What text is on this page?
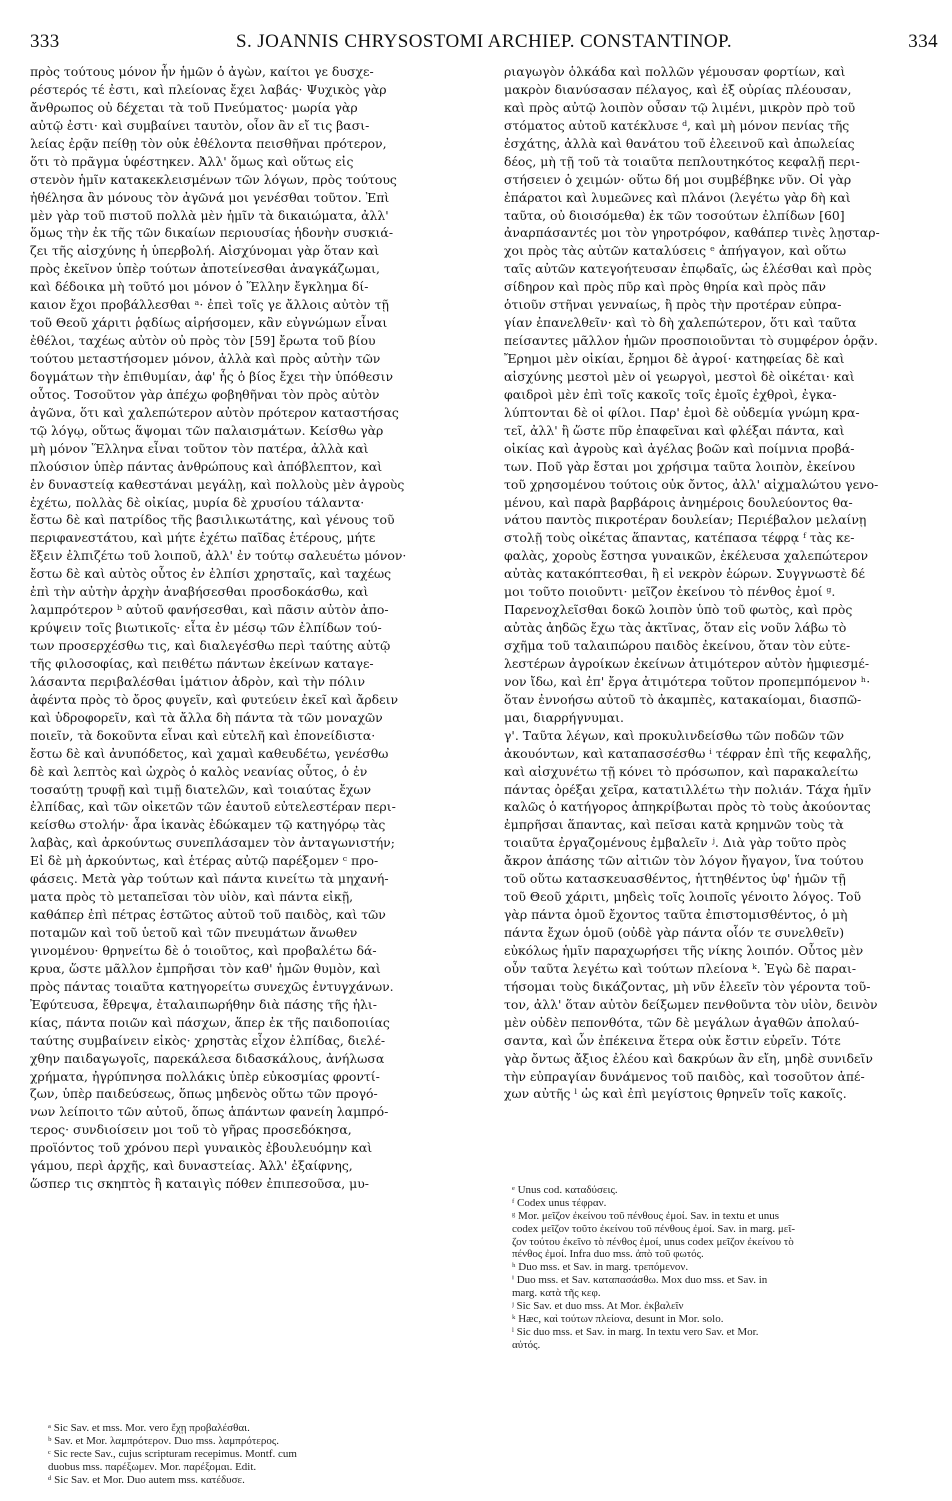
333	S. JOANNIS CHRYSOSTOMI ARCHIEP. CONSTANTINOP.	334
πρὸς τούτους μόνον ἦν ἡμῶν ὁ ἀγὼν, καίτοι γε δυσχε-
ρέστερός τέ ἐστι, καὶ πλείονας ἔχει λαβάς· Ψυχικὸς γὰρ
ἄνθρωπος οὐ δέχεται τὰ τοῦ Πνεύματος· μωρία γὰρ
αὐτῷ ἐστι· καὶ συμβαίνει ταυτὸν, οἷον ἂν εἴ τις βασι-
λείας ἐρᾷν πείθῃ τὸν οὐκ ἐθέλοντα πεισθῆναι πρότερον,
ὅτι τὸ πρᾶγμα ὑφέστηκεν. Ἀλλ' ὅμως καὶ οὕτως εἰς
στενὸν ἡμῖν κατακεκλεισμένων τῶν λόγων, πρὸς τούτους
ἠθέλησα ἂν μόνους τὸν ἀγῶνά μοι γενέσθαι τοῦτον. Ἐπὶ
μὲν γὰρ τοῦ πιστοῦ πολλὰ μὲν ἡμῖν τὰ δικαιώματα, ἀλλ'
ὅμως τὴν ἐκ τῆς τῶν δικαίων περιουσίας ἡδονὴν συσκιά-
ζει τῆς αἰσχύνης ἡ ὑπερβολή. Αἰσχύνομαι γὰρ ὅταν καὶ
πρὸς ἐκεῖνον ὑπὲρ τούτων ἀποτείνεσθαι ἀναγκάζωμαι,
καὶ δέδοικα μὴ τοῦτό μοι μόνον ὁ Ἕλλην ἔγκλημα δί-
καιον ἔχοι προβάλλεσθαι ᵃ· ἐπεὶ τοῖς γε ἄλλοις αὐτὸν τῇ
τοῦ Θεοῦ χάριτι ῥᾳδίως αἱρήσομεν, κἂν εὐγνώμων εἶναι
ἐθέλοι, ταχέως αὐτὸν οὐ πρὸς τὸν [59] ἔρωτα τοῦ βίου
τούτου μεταστήσομεν μόνον, ἀλλὰ καὶ πρὸς αὐτὴν τῶν
δογμάτων τὴν ἐπιθυμίαν, ἀφ' ἧς ὁ βίος ἔχει τὴν ὑπόθεσιν
οὗτος. Τοσοῦτον γὰρ ἀπέχω φοβηθῆναι τὸν πρὸς αὐτὸν
ἀγῶνα, ὅτι καὶ χαλεπώτερον αὐτὸν πρότερον καταστήσας
τῷ λόγῳ, οὕτως ἅψομαι τῶν παλαισμάτων. Κείσθω γὰρ
μὴ μόνον Ἕλληνα εἶναι τοῦτον τὸν πατέρα, ἀλλὰ καὶ
πλούσιον ὑπὲρ πάντας ἀνθρώπους καὶ ἀπόβλεπτον, καὶ
ἐν δυναστείᾳ καθεστάναι μεγάλῃ, καὶ πολλοὺς μὲν ἀγροὺς
ἐχέτω, πολλὰς δὲ οἰκίας, μυρία δὲ χρυσίου τάλαντα·
ἔστω δὲ καὶ πατρίδος τῆς βασιλικωτάτης, καὶ γένους τοῦ
περιφανεστάτου, καὶ μήτε ἐχέτω παῖδας ἑτέρους, μήτε
ἔξειν ἐλπιζέτω τοῦ λοιποῦ, ἀλλ' ἐν τούτῳ σαλευέτω μόνον·
ἔστω δὲ καὶ αὐτὸς οὗτος ἐν ἐλπίσι χρησταῖς, καὶ ταχέως
ἐπὶ τὴν αὐτὴν ἀρχὴν ἀναβήσεσθαι προσδοκάσθω, καὶ
λαμπρότερον ᵇ αὐτοῦ φανήσεσθαι, καὶ πᾶσιν αὐτὸν ἀπο-
κρύψειν τοῖς βιωτικοῖς· εἶτα ἐν μέσῳ τῶν ἐλπίδων τού-
των προσερχέσθω τις, καὶ διαλεγέσθω περὶ ταύτης αὐτῷ
τῆς φιλοσοφίας, καὶ πειθέτω πάντων ἐκείνων καταγε-
λάσαντα περιβαλέσθαι ἱμάτιον ἀδρὸν, καὶ τὴν πόλιν
ἀφέντα πρὸς τὸ ὄρος φυγεῖν, καὶ φυτεύειν ἐκεῖ καὶ ἄρδειν
καὶ ὑδροφορεῖν, καὶ τὰ ἄλλα δὴ πάντα τὰ τῶν μοναχῶν
ποιεῖν, τὰ δοκοῦντα εἶναι καὶ εὐτελῆ καὶ ἐπονείδιστα·
ἔστω δὲ καὶ ἀνυπόδετος, καὶ χαμαὶ καθευδέτω, γενέσθω
δὲ καὶ λεπτὸς καὶ ὠχρὸς ὁ καλὸς νεανίας οὗτος, ὁ ἐν
τοσαύτῃ τρυφῇ καὶ τιμῇ διατελῶν, καὶ τοιαύτας ἔχων
ἐλπίδας, καὶ τῶν οἰκετῶν τῶν ἑαυτοῦ εὐτελεστέραν περι-
κείσθω στολήν· ἆρα ἱκανὰς ἐδώκαμεν τῷ κατηγόρῳ τὰς
λαβὰς, καὶ ἀρκούντως συνεπλάσαμεν τὸν ἀνταγωνιστήν;
Εἰ δὲ μὴ ἀρκούντως, καὶ ἑτέρας αὐτῷ παρέξομεν ᶜ προ-
φάσεις. Μετὰ γὰρ τούτων καὶ πάντα κινείτω τὰ μηχανή-
ματα πρὸς τὸ μεταπεῖσαι τὸν υἱὸν, καὶ πάντα εἰκῇ,
καθάπερ ἐπὶ πέτρας ἑστῶτος αὐτοῦ τοῦ παιδὸς, καὶ τῶν
ποταμῶν καὶ τοῦ ὑετοῦ καὶ τῶν πνευμάτων ἄνωθεν
γινομένου· θρηνείτω δὲ ὁ τοιοῦτος, καὶ προβαλέτω δά-
κρυα, ὥστε μᾶλλον ἐμπρῆσαι τὸν καθ' ἡμῶν θυμὸν, καὶ
πρὸς πάντας τοιαῦτα κατηγορείτω συνεχῶς ἐντυγχάνων.
Ἐφύτευσα, ἔθρεψα, ἐταλαιπωρήθην διὰ πάσης τῆς ἡλι-
κίας, πάντα ποιῶν καὶ πάσχων, ἅπερ ἐκ τῆς παιδοποιίας
ταύτης συμβαίνειν εἰκὸς· χρηστὰς εἶχον ἐλπίδας, διελέ-
χθην παιδαγωγοῖς, παρεκάλεσα διδασκάλους, ἀνήλωσα
χρήματα, ἠγρύπνησα πολλάκις ὑπὲρ εὐκοσμίας φροντί-
ζων, ὑπὲρ παιδεύσεως, ὅπως μηδενὸς οὕτω τῶν προγό-
νων λείποιτο τῶν αὐτοῦ, ὅπως ἁπάντων φανείη λαμπρό-
τερος· συνδιοίσειν μοι τοῦ τὸ γῆρας προσεδόκησα,
προϊόντος τοῦ χρόνου περὶ γυναικὸς ἐβουλευόμην καὶ
γάμου, περὶ ἀρχῆς, καὶ δυναστείας. Ἀλλ' ἐξαίφνης,
ὥσπερ τις σκηπτὸς ἢ καταιγὶς πόθεν ἐπιπεσοῦσα, μυ-
ριαγωγὸν ὁλκάδα καὶ πολλῶν γέμουσαν φορτίων, καὶ
μακρὸν διανύσασαν πέλαγος, καὶ ἐξ οὐρίας πλέουσαν,
καὶ πρὸς αὐτῷ λοιπὸν οὖσαν τῷ λιμένι, μικρὸν πρὸ τοῦ
στόματος αὐτοῦ κατέκλυσε ᵈ, καὶ μὴ μόνον πενίας τῆς
ἐσχάτης, ἀλλὰ καὶ θανάτου τοῦ ἐλεεινοῦ καὶ ἀπωλείας
δέος, μὴ τῇ τοῦ τὰ τοιαῦτα πεπλουτηκότος κεφαλῇ περι-
στήσειεν ὁ χειμών· οὕτω δή μοι συμβέβηκε νῦν. Οἱ γὰρ
ἐπάρατοι καὶ λυμεῶνες καὶ πλάνοι (λεγέτω γὰρ δὴ καὶ
ταῦτα, οὐ διοισόμεθα) ἐκ τῶν τοσούτων ἐλπίδων [60]
ἀναρπάσαντές μοι τὸν γηροτρόφον, καθάπερ τινὲς λῃσταρ-
χοι πρὸς τὰς αὐτῶν καταλύσεις ᵉ ἀπήγαγον, καὶ οὕτω
ταῖς αὐτῶν κατεγοήτευσαν ἐπῳδαῖς, ὡς ἑλέσθαι καὶ πρὸς
σίδηρον καὶ πρὸς πῦρ καὶ πρὸς θηρία καὶ πρὸς πᾶν
ὁτιοῦν στῆναι γενναίως, ἢ πρὸς τὴν προτέραν εὐπρα-
γίαν ἐπανελθεῖν· καὶ τὸ δὴ χαλεπώτερον, ὅτι καὶ ταῦτα
πείσαντες μᾶλλον ἡμῶν προσποιοῦνται τὸ συμφέρον ὁρᾷν.
Ἔρημοι μὲν οἰκίαι, ἔρημοι δὲ ἀγροί· κατηφείας δὲ καὶ
αἰσχύνης μεστοὶ μὲν οἱ γεωργοὶ, μεστοὶ δὲ οἰκέται· καὶ
φαιδροὶ μὲν ἐπὶ τοῖς κακοῖς τοῖς ἐμοῖς ἐχθροὶ, ἐγκα-
λύπτονται δὲ οἱ φίλοι. Παρ' ἐμοὶ δὲ οὐδεμία γνώμη κρα-
τεῖ, ἀλλ' ἢ ὥστε πῦρ ἐπαφεῖναι καὶ φλέξαι πάντα, καὶ
οἰκίας καὶ ἀγροὺς καὶ ἀγέλας βοῶν καὶ ποίμνια προβά-
των. Ποῦ γὰρ ἔσται μοι χρήσιμα ταῦτα λοιπὸν, ἐκείνου
τοῦ χρησομένου τούτοις οὐκ ὄντος, ἀλλ' αἰχμαλώτου γενο-
μένου, καὶ παρὰ βαρβάροις ἀνημέροις δουλεύοντος θα-
νάτου παντὸς πικροτέραν δουλείαν; Περιέβαλον μελαίνῃ
στολῇ τοὺς οἰκέτας ἅπαντας, κατέπασα τέφρᾳ ᶠ τὰς κε-
φαλὰς, χοροὺς ἔστησα γυναικῶν, ἐκέλευσα χαλεπώτερον
αὐτὰς κατακόπτεσθαι, ἢ εἰ νεκρὸν ἑώρων. Συγγνωστὲ δέ
μοι τοῦτο ποιοῦντι· μεῖζον ἐκείνου τὸ πένθος ἐμοί ᵍ.
Παρενοχλεῖσθαι δοκῶ λοιπὸν ὑπὸ τοῦ φωτὸς, καὶ πρὸς
αὐτὰς ἀηδῶς ἔχω τὰς ἀκτῖνας, ὅταν εἰς νοῦν λάβω τὸ
σχῆμα τοῦ ταλαιπώρου παιδὸς ἐκείνου, ὅταν τὸν εὐτε-
λεστέρων ἀγροίκων ἐκείνων ἀτιμότερον αὐτὸν ἠμφιεσμέ-
νον ἴδω, καὶ ἐπ' ἔργα ἀτιμότερα τοῦτον προπεμπόμενον ʰ·
ὅταν ἐννοήσω αὐτοῦ τὸ ἀκαμπὲς, κατακαίομαι, διασπῶ-
μαι, διαρρήγνυμαι.
γ'. Ταῦτα λέγων, καὶ προκυλινδείσθω τῶν ποδῶν τῶν
ἀκουόντων, καὶ καταπασσέσθω ⁱ τέφραν ἐπὶ τῆς κεφαλῆς,
καὶ αἰσχυνέτω τῇ κόνει τὸ πρόσωπον, καὶ παρακαλείτω
πάντας ὀρέξαι χεῖρα, κατατιλλέτω τὴν πολιάν. Τάχα ἡμῖν
καλῶς ὁ κατήγορος ἀπηκρίβωται πρὸς τὸ τοὺς ἀκούοντας
ἐμπρῆσαι ἅπαντας, καὶ πεῖσαι κατὰ κρημνῶν τοὺς τὰ
τοιαῦτα ἐργαζομένους ἐμβαλεῖν ʲ. Διὰ γὰρ τοῦτο πρὸς
ἄκρον ἁπάσης τῶν αἰτιῶν τὸν λόγον ἤγαγον, ἵνα τούτου
τοῦ οὕτω κατασκευασθέντος, ἡττηθέντος ὑφ' ἡμῶν τῇ
τοῦ Θεοῦ χάριτι, μηδεὶς τοῖς λοιποῖς γένοιτο λόγος. Τοῦ
γὰρ πάντα ὁμοῦ ἔχοντος ταῦτα ἐπιστομισθέντος, ὁ μὴ
πάντα ἔχων ὁμοῦ (οὐδὲ γὰρ πάντα οἷόν τε συνελθεῖν)
εὐκόλως ἡμῖν παραχωρήσει τῆς νίκης λοιπόν. Οὗτος μὲν
οὖν ταῦτα λεγέτω καὶ τούτων πλείονα ᵏ. Ἐγὼ δὲ παραι-
τήσομαι τοὺς δικάζοντας, μὴ νῦν ἐλεεῖν τὸν γέροντα τοῦ-
τον, ἀλλ' ὅταν αὐτὸν δείξωμεν πενθοῦντα τὸν υἱὸν, δεινὸν
μὲν οὐδὲν πεπονθότα, τῶν δὲ μεγάλων ἀγαθῶν ἀπολαύ-
σαντα, καὶ ὧν ἐπέκεινα ἕτερα οὐκ ἔστιν εὑρεῖν. Τότε
γὰρ ὄντως ἄξιος ἐλέου καὶ δακρύων ἂν εἴη, μηδὲ συνιδεῖν
τὴν εὐπραγίαν δυνάμενος τοῦ παιδὸς, καὶ τοσοῦτον ἀπέ-
χων αὐτῆς ˡ ὡς καὶ ἐπὶ μεγίστοις θρηνεῖν τοῖς κακοῖς.
ᵃ Sic Sav. et mss. Mor. vero ἔχῃ προβαλέσθαι.
ᵇ Sav. et Mor. λαμπρότερον. Duo mss. λαμπρότερος.
ᶜ Sic recte Sav., cujus scripturam recepimus. Montf. cum
duobus mss. παρέξωμεν. Mor. παρέξομαι. Edit.
ᵈ Sic Sav. et Mor. Duo autem mss. κατέδυσε.
ᵉ Unus cod. καταδύσεις.
ᶠ Codex unus τέφραν.
ᵍ Mor. μεῖζον ἐκείνου τοῦ πένθους ἐμοί. Sav. in textu et unus
codex μεῖζον τοῦτο ἐκείνου τοῦ πένθους ἐμοί. Sav. in marg. μεῖ-
ζον τούτου ἐκεῖνο τὸ πένθος ἐμοί, unus codex μεῖζον ἐκείνου τὸ
πένθος ἐμοί. Infra duo mss. ἀπὸ τοῦ φωτός.
ʰ Duo mss. et Sav. in marg. τρεπόμενον.
ⁱ Duo mss. et Sav. καταπασάσθω. Mox duo mss. et Sav. in
marg. κατὰ τῆς κεφ.
ʲ Sic Sav. et duo mss. At Mor. ἐκβαλεῖν
ᵏ Hæc, καὶ τούτων πλείονα, desunt in Mor. solo.
ˡ Sic duo mss. et Sav. in marg. In textu vero Sav. et Mor.
αὐτός.
